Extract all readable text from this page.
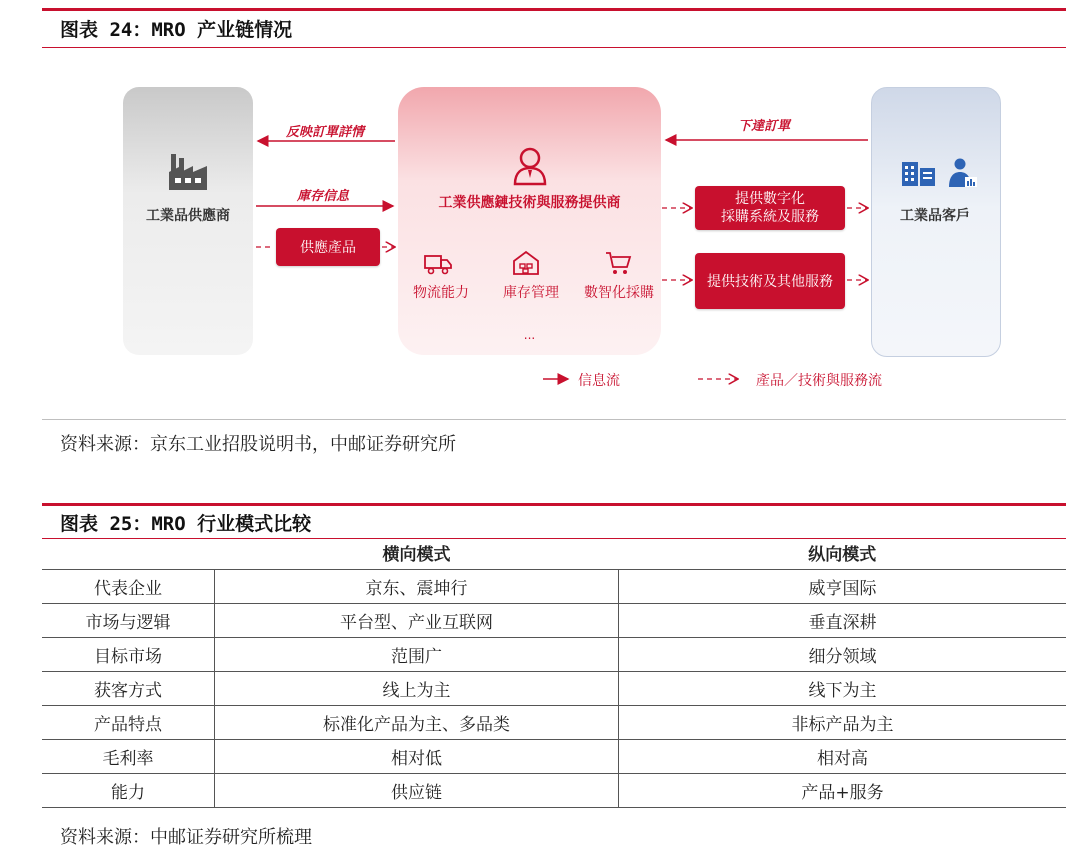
图表 24：MRO 产业链情况
工業品供應商
工業供應鏈技術與服務提供商
物流能力	庫存管理	數智化採購
...
工業品客戶
反映訂單詳情
庫存信息
下達訂單
供應產品
提供數字化
採購系統及服務
提供技術及其他服務
信息流	產品／技術與服務流
资料来源：京东工业招股说明书，中邮证券研究所
图表 25：MRO 行业模式比较
	横向模式	纵向模式
代表企业	京东、震坤行	威亨国际
市场与逻辑	平台型、产业互联网	垂直深耕
目标市场	范围广	细分领域
获客方式	线上为主	线下为主
产品特点	标准化产品为主、多品类	非标产品为主
毛利率	相对低	相对高
能力	供应链	产品+服务
资料来源：中邮证券研究所梳理
